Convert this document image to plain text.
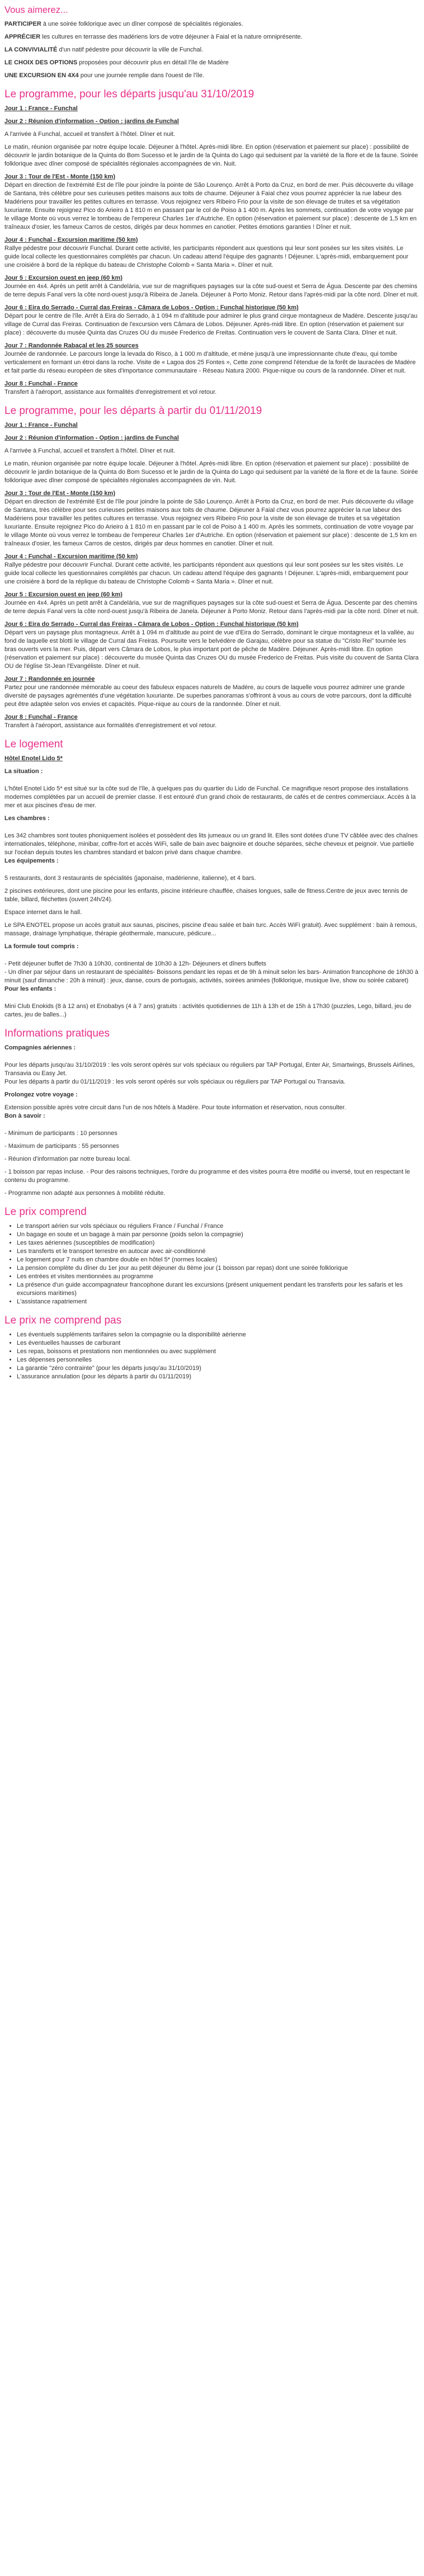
Vous aimerez...

PARTICIPER à une soirée folklorique avec un dîner composé de spécialités régionales.

APPRÉCIER les cultures en terrasse des madériens lors de votre déjeuner à Faial et la nature omniprésente.

LA CONVIVIALITÉ d'un natif pédestre pour découvrir la ville de Funchal.

LE CHOIX DES OPTIONS proposées pour découvrir plus en détail l'île de Madère

UNE EXCURSION EN 4X4 pour une journée remplie dans l'ouest de l'île.

Le programme, pour les départs jusqu'au 31/10/2019

Jour 1 : France - Funchal

Jour 2 : Réunion d'information - Option : jardins de Funchal

A l'arrivée à Funchal, accueil et transfert à l'hôtel. Dîner et nuit.

Le matin, réunion organisée par notre équipe locale. Déjeuner à l'hôtel. Après-midi libre. En option (réservation et paiement sur place) : possibilité de découvrir le jardin botanique de la Quinta do Bom Sucesso et le jardin de la Quinta do Lago qui seduisent par la variété de la flore et de la faune. Soirée folklorique avec dîner composé de spécialités régionales accompagnées de vin. Nuit.

Jour 3 : Tour de l'Est - Monte (150 km)

Départ en direction de l'extrémité Est de l'île pour joindre la pointe de São Lourenço. Arrêt à Porto da Cruz, en bord de mer. Puis découverte du village de Santana, très célèbre pour ses curieuses petites maisons aux toits de chaume. Déjeuner à Faial chez vous pourrez apprécier la rue labeur des Madériens pour travailler les petites cultures en terrasse. Vous rejoignez vers Ribeiro Frio pour la visite de son élevage de truites et sa végétation luxuriante. Ensuite rejoignez Pico do Arieiro à 1 810 m en passant par le col de Poiso à 1 400 m. Après les sommets, continuation de votre voyage par le village Monte où vous verrez le tombeau de l'empereur Charles 1er d'Autriche. En option (réservation et paiement sur place) : descente de 1,5 km en traîneaux d'osier, les fameux Carros de cestos, dirigés par deux hommes en canotier. Petites émotions garanties ! Dîner et nuit.

Jour 4 : Funchal - Excursion maritime (50 km)

Rallye pédestre pour découvrir Funchal. Durant cette activité, les participants répondent aux questions qui leur sont posées sur les sites visités. Le guide local collecte les questionnaires complétés par chacun. Un cadeau attend l'équipe des gagnants ! Déjeuner. L'après-midi, embarquement pour une croisière à bord de la réplique du bateau de Christophe Colomb « Santa Maria ». Dîner et nuit.

Jour 5 : Excursion ouest en jeep (60 km)

Journée en 4x4. Après un petit arrêt à Candelária, vue sur de magnifiques paysages sur la côte sud-ouest et Serra de Água. Descente par des chemins de terre depuis Fanal vers la côte nord-ouest jusqu'à Ribeira de Janela. Déjeuner à Porto Moniz. Retour dans l'après-midi par la côte nord. Dîner et nuit.

Jour 6 : Eira do Serrado - Curral das Freiras - Câmara de Lobos - Option : Funchal historique (50 km)

Départ pour le centre de l'île. Arrêt à Eira do Serrado, à 1 094 m d'altitude pour admirer le plus grand cirque montagneux de Madère. Descente jusqu'au village de Curral das Freiras. Continuation de l'excursion vers Câmara de Lobos. Déjeuner. Après-midi libre. En option (réservation et paiement sur place) : découverte du musée Quinta das Cruzes OU du musée Frederico de Freitas. Continuation vers le couvent de Santa Clara. Dîner et nuit.

Jour 7 : Randonnée Rabaçal et les 25 sources

Journée de randonnée. Le parcours longe la levada do Risco, à 1 000 m d'altitude, et mène jusqu'à une impressionnante chute d'eau, qui tombe verticalement en formant un étroi dans la roche. Visite de « Lagoa dos 25 Fontes », Cette zone comprend l'étendue de la forêt de lauracées de Madère et fait partie du réseau européen de sites d'importance communautaire - Réseau Natura 2000. Pique-nique ou cours de la randonnée. Dîner et nuit.

Jour 8 : Funchal - France

Transfert à l'aéroport, assistance aux formalités d'enregistrement et vol retour.

Le programme, pour les départs à partir du 01/11/2019

Jour 1 : France - Funchal

Jour 2 : Réunion d'information - Option : jardins de Funchal

A l'arrivée à Funchal, accueil et transfert à l'hôtel. Dîner et nuit.

Le matin, réunion organisée par notre équipe locale. Déjeuner à l'hôtel. Après-midi libre. En option (réservation et paiement sur place) : possibilité de découvrir le jardin botanique de la Quinta do Bom Sucesso et le jardin de la Quinta do Lago qui seduisent par la variété de la flore et de la faune. Soirée folklorique avec dîner composé de spécialités régionales accompagnées de vin. Nuit.

Jour 3 : Tour de l'Est - Monte (150 km)

Départ en direction de l'extrémité Est de l'île pour joindre la pointe de São Lourenço. Arrêt à Porto da Cruz, en bord de mer. Puis découverte du village de Santana, très célèbre pour ses curieuses petites maisons aux toits de chaume. Déjeuner à Faial chez vous pourrez apprécier la rue labeur des Madériens pour travailler les petites cultures en terrasse. Vous rejoignez vers Ribeiro Frio pour la visite de son élevage de truites et sa végétation luxuriante. Ensuite rejoignez Pico do Arieiro à 1 810 m en passant par le col de Poiso à 1 400 m. Après les sommets, continuation de votre voyage par le village Monte où vous verrez le tombeau de l'empereur Charles 1er d'Autriche. En option (réservation et paiement sur place) : descente de 1,5 km en traîneaux d'osier, les fameux Carros de cestos, dirigés par deux hommes en canotier. Dîner et nuit.

Jour 4 : Funchal - Excursion maritime (50 km)

Rallye pédestre pour découvrir Funchal. Durant cette activité, les participants répondent aux questions qui leur sont posées sur les sites visités. Le guide local collecte les questionnaires complétés par chacun. Un cadeau attend l'équipe des gagnants ! Déjeuner. L'après-midi, embarquement pour une croisière à bord de la réplique du bateau de Christophe Colomb « Santa Maria ». Dîner et nuit.

Jour 5 : Excursion ouest en jeep (60 km)

Journée en 4x4. Après un petit arrêt à Candelária, vue sur de magnifiques paysages sur la côte sud-ouest et Serra de Água. Descente par des chemins de terre depuis Fanal vers la côte nord-ouest jusqu'à Ribeira de Janela. Déjeuner à Porto Moniz. Retour dans l'après-midi par la côte nord. Dîner et nuit.

Jour 6 : Eira do Serrado - Curral das Freiras - Câmara de Lobos - Option : Funchal historique (50 km)

Départ vers un paysage plus montagneux. Arrêt à 1 094 m d'altitude au point de vue d'Eira do Serrado, dominant le cirque montagneux et la vallée, au fond de laquelle est blotti le village de Curral das Freiras. Poursuite vers le belvédère de Garajau, célèbre pour sa statue du "Cristo Rei" tournée les bras ouverts vers la mer. Puis, départ vers Câmara de Lobos, le plus important port de pêche de Madère. Déjeuner. Après-midi libre. En option (réservation et paiement sur place) : découverte du musée Quinta das Cruzes OU du musée Frederico de Freitas. Puis visite du couvent de Santa Clara OU de l'église St-Jean l'Evangéliste. Dîner et nuit.

Jour 7 : Randonnée en journée

Partez pour une randonnée mémorable au coeur des fabuleux espaces naturels de Madère, au cours de laquelle vous pourrez admirer une grande diversité de paysages agrémentés d'une végétation luxuriante. De superbes panoramas s'offriront à vous au cours de votre parcours, dont la difficulté peut être adaptée selon vos envies et capacités. Pique-nique au cours de la randonnée. Dîner et nuit.

Jour 8 : Funchal - France

Transfert à l'aéroport, assistance aux formalités d'enregistrement et vol retour.

Le logement

Hôtel Enotel Lido 5*

La situation :

L'hôtel Enotel Lido 5* est situé sur la côte sud de l'île, à quelques pas du quartier du Lido de Funchal. Ce magnifique resort propose des installations modernes complétées par un accueil de premier classe. Il est entouré d'un grand choix de restaurants, de cafés et de centres commerciaux. Accès à la mer et aux piscines d'eau de mer.

Les chambres :

Les 342 chambres sont toutes phoniquement isolées et possèdent des lits jumeaux ou un grand lit. Elles sont dotées d'une TV câblée avec des chaînes internationales, téléphone, minibar, coffre-fort et accès WiFi, salle de bain avec baignoire et douche séparées, sèche cheveux et peignoir. Vue partielle sur l'océan depuis toutes les chambres standard et balcon privé dans chaque chambre.

Les équipements :

5 restaurants, dont 3 restaurants de spécialités (japonaise, madérienne, italienne), et 4 bars.

2 piscines extérieures, dont une piscine pour les enfants, piscine intérieure chauffée, chaises longues, salle de fitness.Centre de jeux avec tennis de table, billard, fléchettes (ouvert 24h/24).

Espace internet dans le hall.

Le SPA ENOTEL propose un accès gratuit aux saunas, piscines, piscine d'eau salée et bain turc. Accès WiFi gratuit). Avec supplément : bain à remous, massage, drainage lymphatique, thérapie géothermale, manucure, pédicure...

La formule tout compris :

- Petit déjeuner buffet de 7h30 à 10h30, continental de 10h30 à 12h- Déjeuners et dîners buffets
- Un dîner par séjour dans un restaurant de spécialités- Boissons pendant les repas et de 9h à minuit selon les bars- Animation francophone de 16h30 à minuit (sauf dimanche : 20h à minuit) : jeux, danse, cours de portugais, activités, soirées animées (folklorique, musique live, show ou soirée cabaret)

Pour les enfants :

Mini Club Enokids (8 à 12 ans) et Enobabys (4 à 7 ans) gratuits : activités quotidiennes de 11h à 13h et de 15h à 17h30 (puzzles, Lego, billard, jeu de cartes, jeu de balles...)

Informations pratiques

Compagnies aériennes :

Pour les départs jusqu'au 31/10/2019 : les vols seront opérés sur vols spéciaux ou réguliers par TAP Portugal, Enter Air, Smartwings, Brussels Airlines, Transavia ou Easy Jet.
Pour les départs à partir du 01/11/2019 : les vols seront opérés sur vols spéciaux ou réguliers par TAP Portugal ou Transavia.

Prolongez votre voyage :

Extension possible après votre circuit dans l'un de nos hôtels à Madère. Pour toute information et réservation, nous consulter.

Bon à savoir :

- Minimum de participants : 10 personnes

- Maximum de participants : 55 personnes

- Réunion d'information par notre bureau local.

- 1 boisson par repas incluse. - Pour des raisons techniques, l'ordre du programme et des visites pourra être modifié ou inversé, tout en respectant le contenu du programme.

- Programme non adapté aux personnes à mobilité réduite.

Le prix comprend
• Le transport aérien sur vols spéciaux ou réguliers France / Funchal / France
• Un bagage en soute et un bagage à main par personne (poids selon la compagnie)
• Les taxes aériennes (susceptibles de modification)
• Les transferts et le transport terrestre en autocar avec air-conditionné
• Le logement pour 7 nuits en chambre double en hôtel 5* (normes locales)
• La pension complète du dîner du 1er jour au petit déjeuner du 8ème jour (1 boisson par repas) dont une soirée folklorique
• Les entrées et visites mentionnées au programme
• La présence d'un guide accompagnateur francophone durant les excursions (présent uniquement pendant les transferts pour les safaris et les excursions maritimes)
• L'assistance rapatriement
Le prix ne comprend pas
• Les éventuels suppléments tarifaires selon la compagnie ou la disponibilité aérienne
• Les éventuelles hausses de carburant
• Les repas, boissons et prestations non mentionnées ou avec supplément
• Les dépenses personnelles
• La garantie "zéro contrainte" (pour les départs jusqu'au 31/10/2019)
• L'assurance annulation (pour les départs à partir du 01/11/2019)
